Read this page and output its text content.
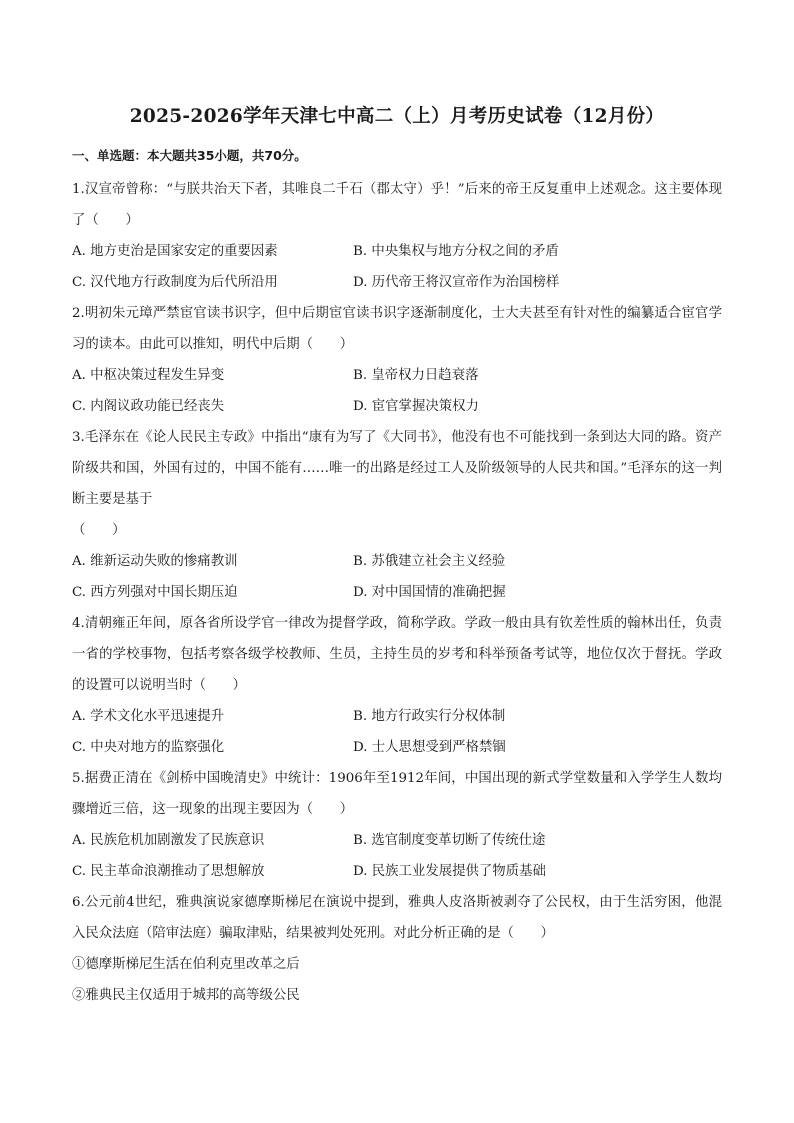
2025-2026学年天津七中高二（上）月考历史试卷（12月份）

一、单选题：本大题共35小题，共70分。

1.汉宣帝曾称：“与朕共治天下者，其唯良二千石（郡太守）乎！”后来的帝王反复重申上述观念。这主要体现了（　　）

A. 地方吏治是国家安定的重要因素	B. 中央集权与地方分权之间的矛盾
C. 汉代地方行政制度为后代所沿用	D. 历代帝王将汉宣帝作为治国榜样

2.明初朱元璋严禁宦官读书识字，但中后期宦官读书识字逐渐制度化，士大夫甚至有针对性的编纂适合宦官学习的读本。由此可以推知，明代中后期（　　）

A. 中枢决策过程发生异变	B. 皇帝权力日趋衰落
C. 内阁议政功能已经丧失	D. 宦官掌握决策权力

3.毛泽东在《论人民民主专政》中指出“康有为写了《大同书》，他没有也不可能找到一条到达大同的路。资产阶级共和国，外国有过的，中国不能有……唯一的出路是经过工人及阶级领导的人民共和国。”毛泽东的这一判断主要是基于

（　　）

A. 维新运动失败的惨痛教训	B. 苏俄建立社会主义经验
C. 西方列强对中国长期压迫	D. 对中国国情的准确把握

4.清朝雍正年间，原各省所设学官一律改为提督学政，简称学政。学政一般由具有钦差性质的翰林出任，负责一省的学校事物，包括考察各级学校教师、生员，主持生员的岁考和科举预备考试等，地位仅次于督抚。学政的设置可以说明当时（　　）

A. 学术文化水平迅速提升	B. 地方行政实行分权体制
C. 中央对地方的监察强化	D. 士人思想受到严格禁锢

5.据费正清在《剑桥中国晚清史》中统计：1906年至1912年间，中国出现的新式学堂数量和入学学生人数均骤增近三倍，这一现象的出现主要因为（　　）

A. 民族危机加剧激发了民族意识	B. 选官制度变革切断了传统仕途
C. 民主革命浪潮推动了思想解放	D. 民族工业发展提供了物质基础

6.公元前4世纪，雅典演说家德摩斯梯尼在演说中提到，雅典人皮洛斯被剥夺了公民权，由于生活穷困，他混入民众法庭（陪审法庭）骗取津贴，结果被判处死刑。对此分析正确的是（　　）

①德摩斯梯尼生活在伯利克里改革之后

②雅典民主仅适用于城邦的高等级公民
